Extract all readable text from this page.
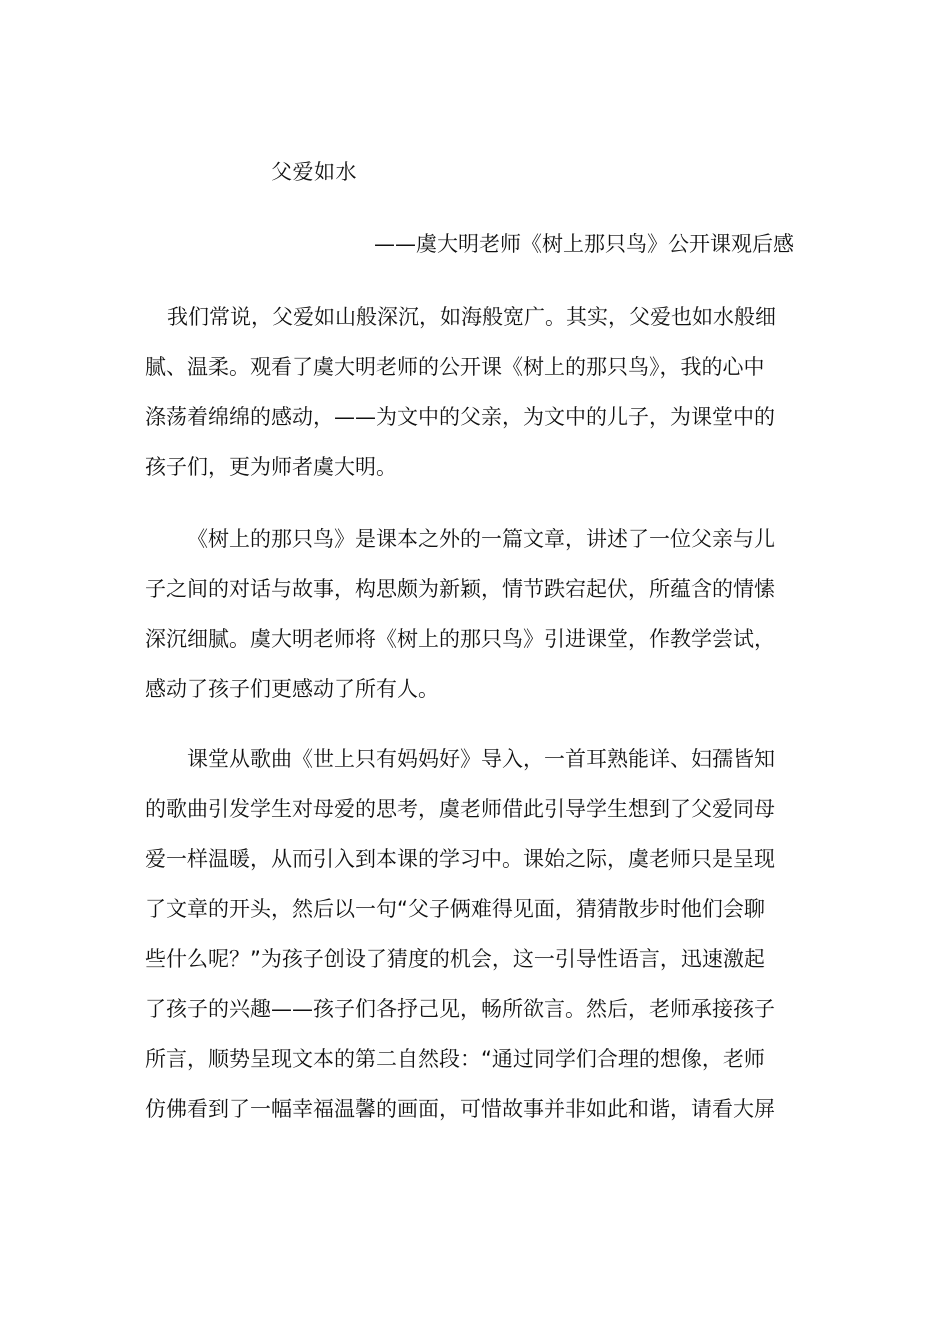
父爱如水
——虞大明老师《树上那只鸟》公开课观后感
我们常说，父爱如山般深沉，如海般宽广。其实，父爱也如水般细
腻、温柔。观看了虞大明老师的公开课《树上的那只鸟》，我的心中
涤荡着绵绵的感动，——为文中的父亲，为文中的儿子，为课堂中的
孩子们，更为师者虞大明。
《树上的那只鸟》是课本之外的一篇文章，讲述了一位父亲与儿
子之间的对话与故事，构思颇为新颖，情节跌宕起伏，所蕴含的情愫
深沉细腻。虞大明老师将《树上的那只鸟》引进课堂，作教学尝试，
感动了孩子们更感动了所有人。
课堂从歌曲《世上只有妈妈好》导入，一首耳熟能详、妇孺皆知
的歌曲引发学生对母爱的思考，虞老师借此引导学生想到了父爱同母
爱一样温暖，从而引入到本课的学习中。课始之际，虞老师只是呈现
了文章的开头，然后以一句“父子俩难得见面，猜猜散步时他们会聊
些什么呢？”为孩子创设了猜度的机会，这一引导性语言，迅速激起
了孩子的兴趣——孩子们各抒己见，畅所欲言。然后，老师承接孩子
所言，顺势呈现文本的第二自然段：“通过同学们合理的想像，老师
仿佛看到了一幅幸福温馨的画面，可惜故事并非如此和谐，请看大屏
